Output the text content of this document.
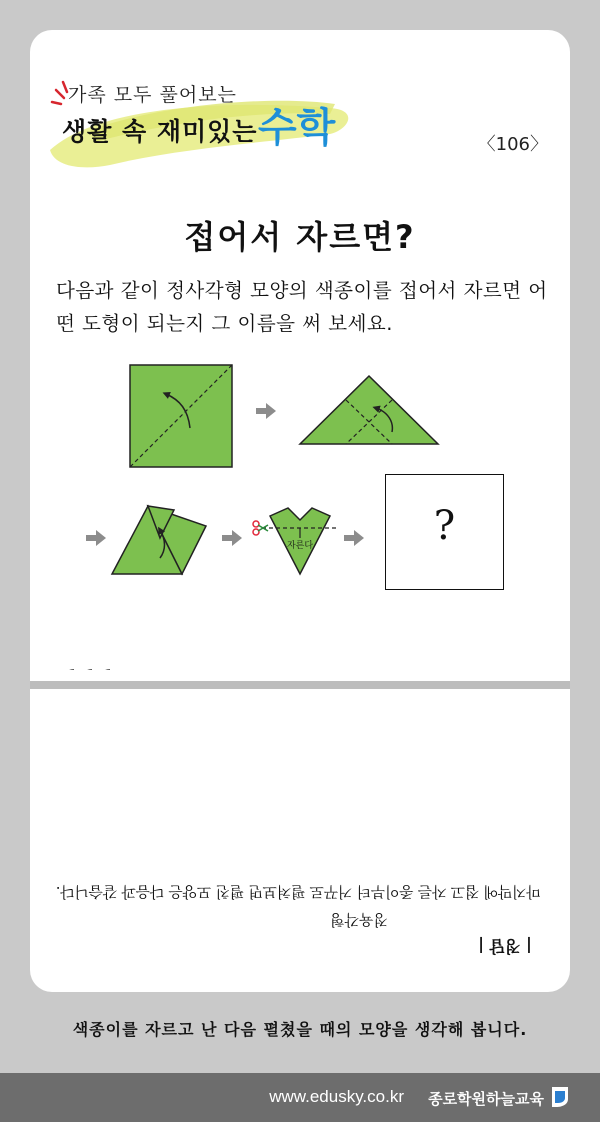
가족 모두 풀어보는
생활 속 재미있는 수학	〈106〉
접어서 자르면?
다음과 같이 정사각형 모양의 색종이를 접어서 자르면 어떤 도형이 되는지 그 이름을 써 보세요.
자른다	?
마지막에 접고 자른 종이부터 거꾸로 펼쳐보면 펼친 모양은 다음과 같습니다.
정육각형
| 정답 |
색종이를 자르고 난 다음 펼쳤을 때의 모양을 생각해 봅니다.
www.edusky.co.kr 종로학원하늘교육
